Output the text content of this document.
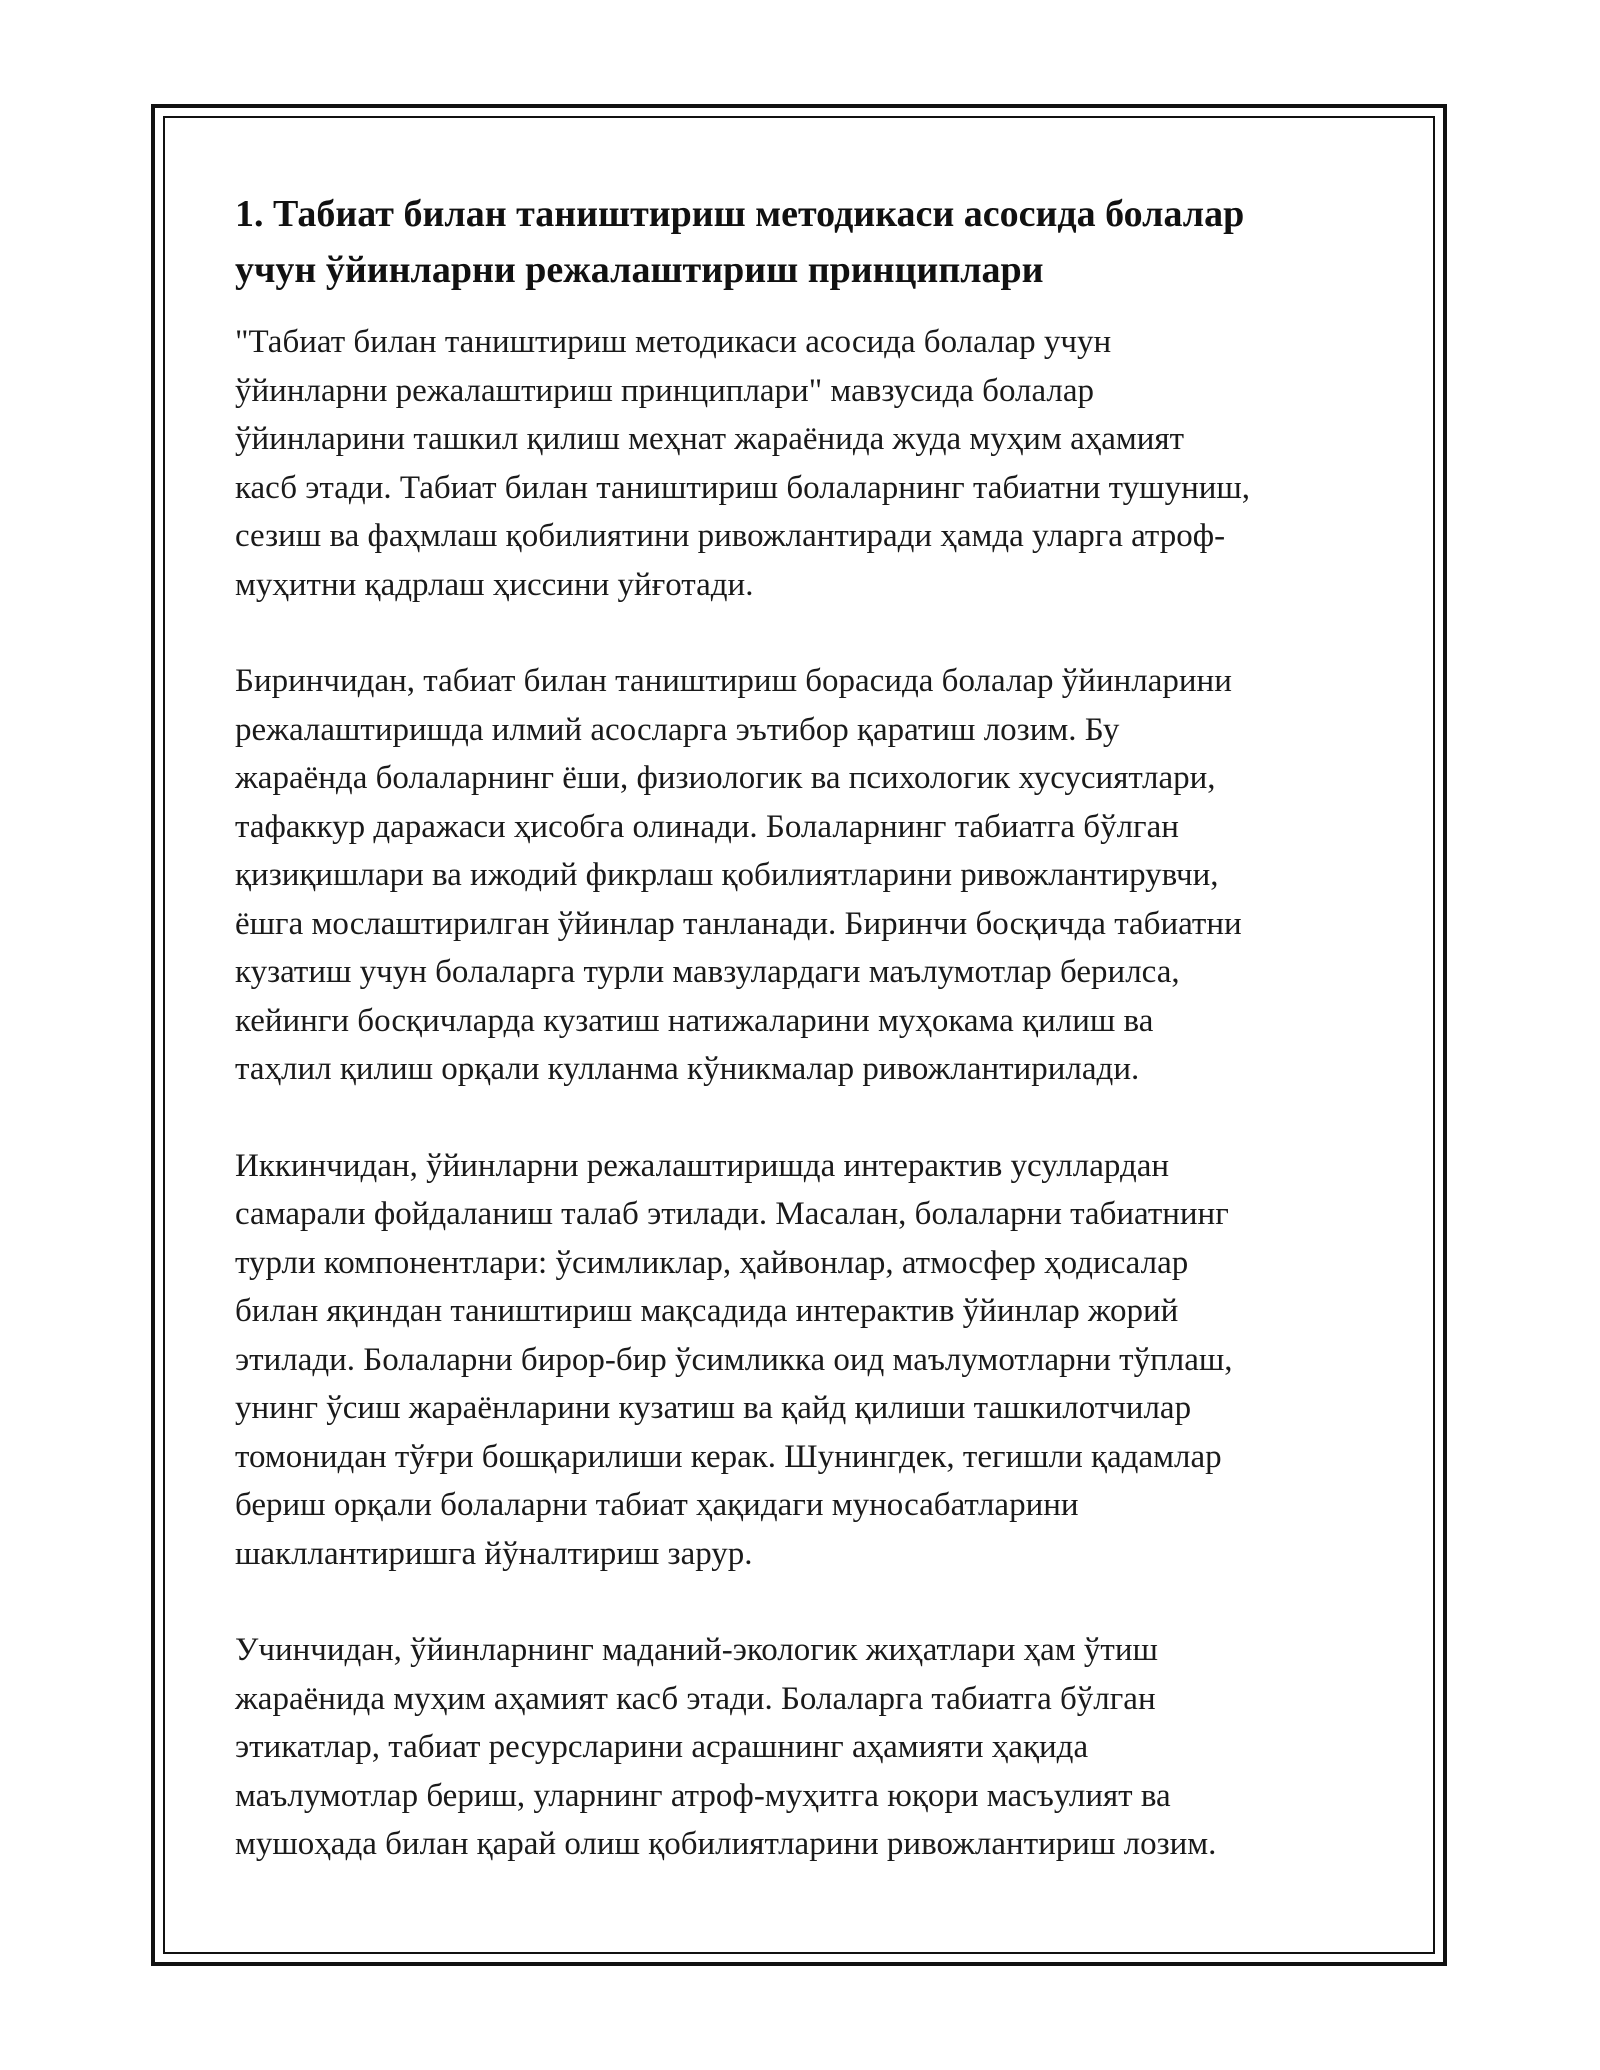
1. Табиат билан таништириш методикаси асосида болалар
учун ўйинларни режалаштириш принциплари
"Табиат билан таништириш методикаси асосида болалар учун
ўйинларни режалаштириш принциплари" мавзусида болалар
ўйинларини ташкил қилиш меҳнат жараёнида жуда муҳим аҳамият
касб этади. Табиат билан таништириш болаларнинг табиатни тушуниш,
сезиш ва фаҳмлаш қобилиятини ривожлантиради ҳамда уларга атроф-
муҳитни қадрлаш ҳиссини уйғотади.
Биринчидан, табиат билан таништириш борасида болалар ўйинларини
режалаштиришда илмий асосларга эътибор қаратиш лозим. Бу
жараёнда болаларнинг ёши, физиологик ва психологик хусусиятлари,
тафаккур даражаси ҳисобга олинади. Болаларнинг табиатга бўлган
қизиқишлари ва ижодий фикрлаш қобилиятларини ривожлантирувчи,
ёшга мослаштирилган ўйинлар танланади. Биринчи босқичда табиатни
кузатиш учун болаларга турли мавзулардаги маълумотлар берилса,
кейинги босқичларда кузатиш натижаларини муҳокама қилиш ва
таҳлил қилиш орқали кулланма кўникмалар ривожлантирилади.
Иккинчидан, ўйинларни режалаштиришда интерактив усуллардан
самарали фойдаланиш талаб этилади. Масалан, болаларни табиатнинг
турли компонентлари: ўсимликлар, ҳайвонлар, атмосфер ҳодисалар
билан яқиндан таништириш мақсадида интерактив ўйинлар жорий
этилади. Болаларни бирор-бир ўсимликка оид маълумотларни тўплаш,
унинг ўсиш жараёнларини кузатиш ва қайд қилиши ташкилотчилар
томонидан тўғри бошқарилиши керак. Шунингдек, тегишли қадамлар
бериш орқали болаларни табиат ҳақидаги муносабатларини
шакллантиришга йўналтириш зарур.
Учинчидан, ўйинларнинг маданий-экологик жиҳатлари ҳам ўтиш
жараёнида муҳим аҳамият касб этади. Болаларга табиатга бўлган
этикатлар, табиат ресурсларини асрашнинг аҳамияти ҳақида
маълумотлар бериш, уларнинг атроф-муҳитга юқори масъулият ва
мушоҳада билан қарай олиш қобилиятларини ривожлантириш лозим.
